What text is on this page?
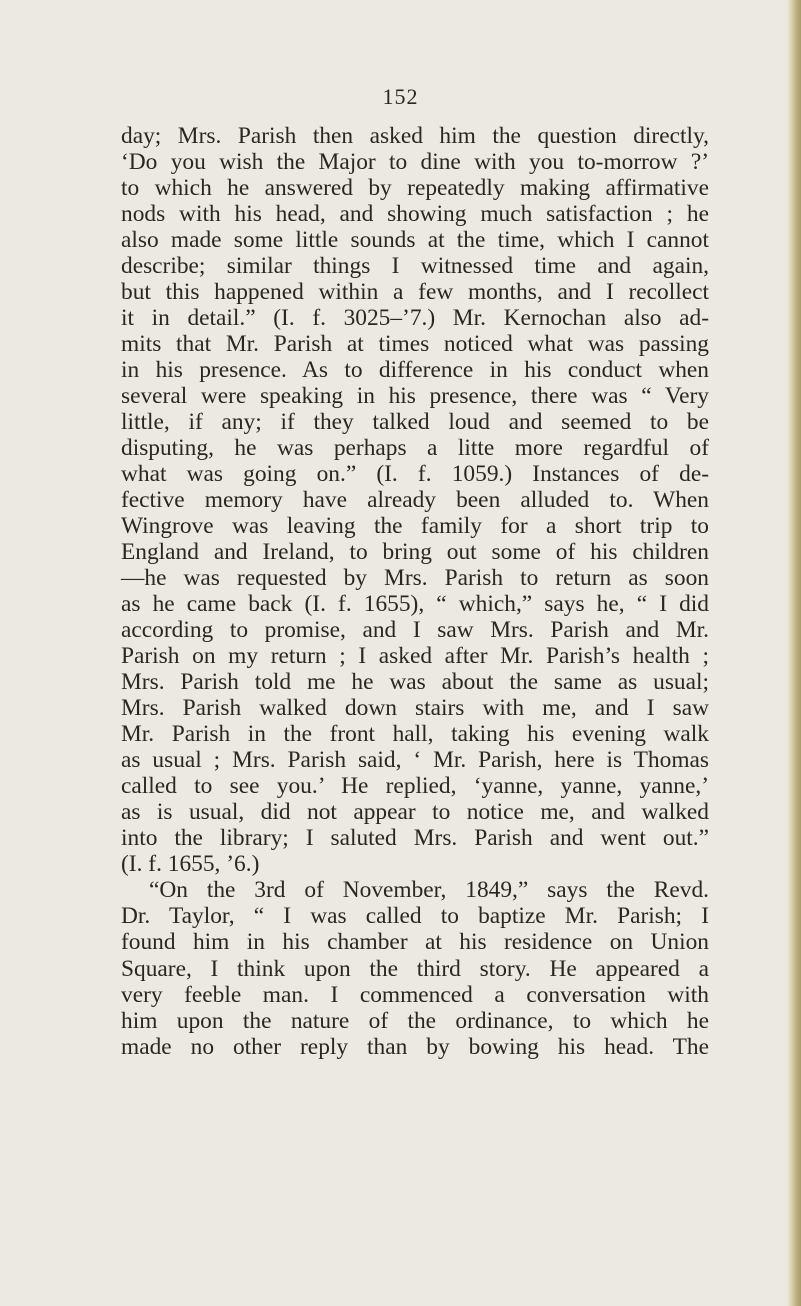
152

day; Mrs. Parish then asked him the question directly,
‘Do you wish the Major to dine with you to-morrow ?’
to which he answered by repeatedly making affirmative
nods with his head, and showing much satisfaction ; he
also made some little sounds at the time, which I cannot
describe; similar things I witnessed time and again,
but this happened within a few months, and I recollect
it in detail.” (I. f. 3025–’7.) Mr. Kernochan also ad-
mits that Mr. Parish at times noticed what was passing
in his presence. As to difference in his conduct when
several were speaking in his presence, there was “ Very
little, if any; if they talked loud and seemed to be
disputing, he was perhaps a litte more regardful of
what was going on.” (I. f. 1059.) Instances of de-
fective memory have already been alluded to. When
Wingrove was leaving the family for a short trip to
England and Ireland, to bring out some of his children
—he was requested by Mrs. Parish to return as soon
as he came back (I. f. 1655), “ which,” says he, “ I did
according to promise, and I saw Mrs. Parish and Mr.
Parish on my return ; I asked after Mr. Parish’s health ;
Mrs. Parish told me he was about the same as usual;
Mrs. Parish walked down stairs with me, and I saw
Mr. Parish in the front hall, taking his evening walk
as usual ; Mrs. Parish said, ‘ Mr. Parish, here is Thomas
called to see you.’ He replied, ‘yanne, yanne, yanne,’
as is usual, did not appear to notice me, and walked
into the library; I saluted Mrs. Parish and went out.”
(I. f. 1655, ’6.)
“On the 3rd of November, 1849,” says the Revd.
Dr. Taylor, “ I was called to baptize Mr. Parish; I
found him in his chamber at his residence on Union
Square, I think upon the third story. He appeared a
very feeble man. I commenced a conversation with
him upon the nature of the ordinance, to which he
made no other reply than by bowing his head. The
